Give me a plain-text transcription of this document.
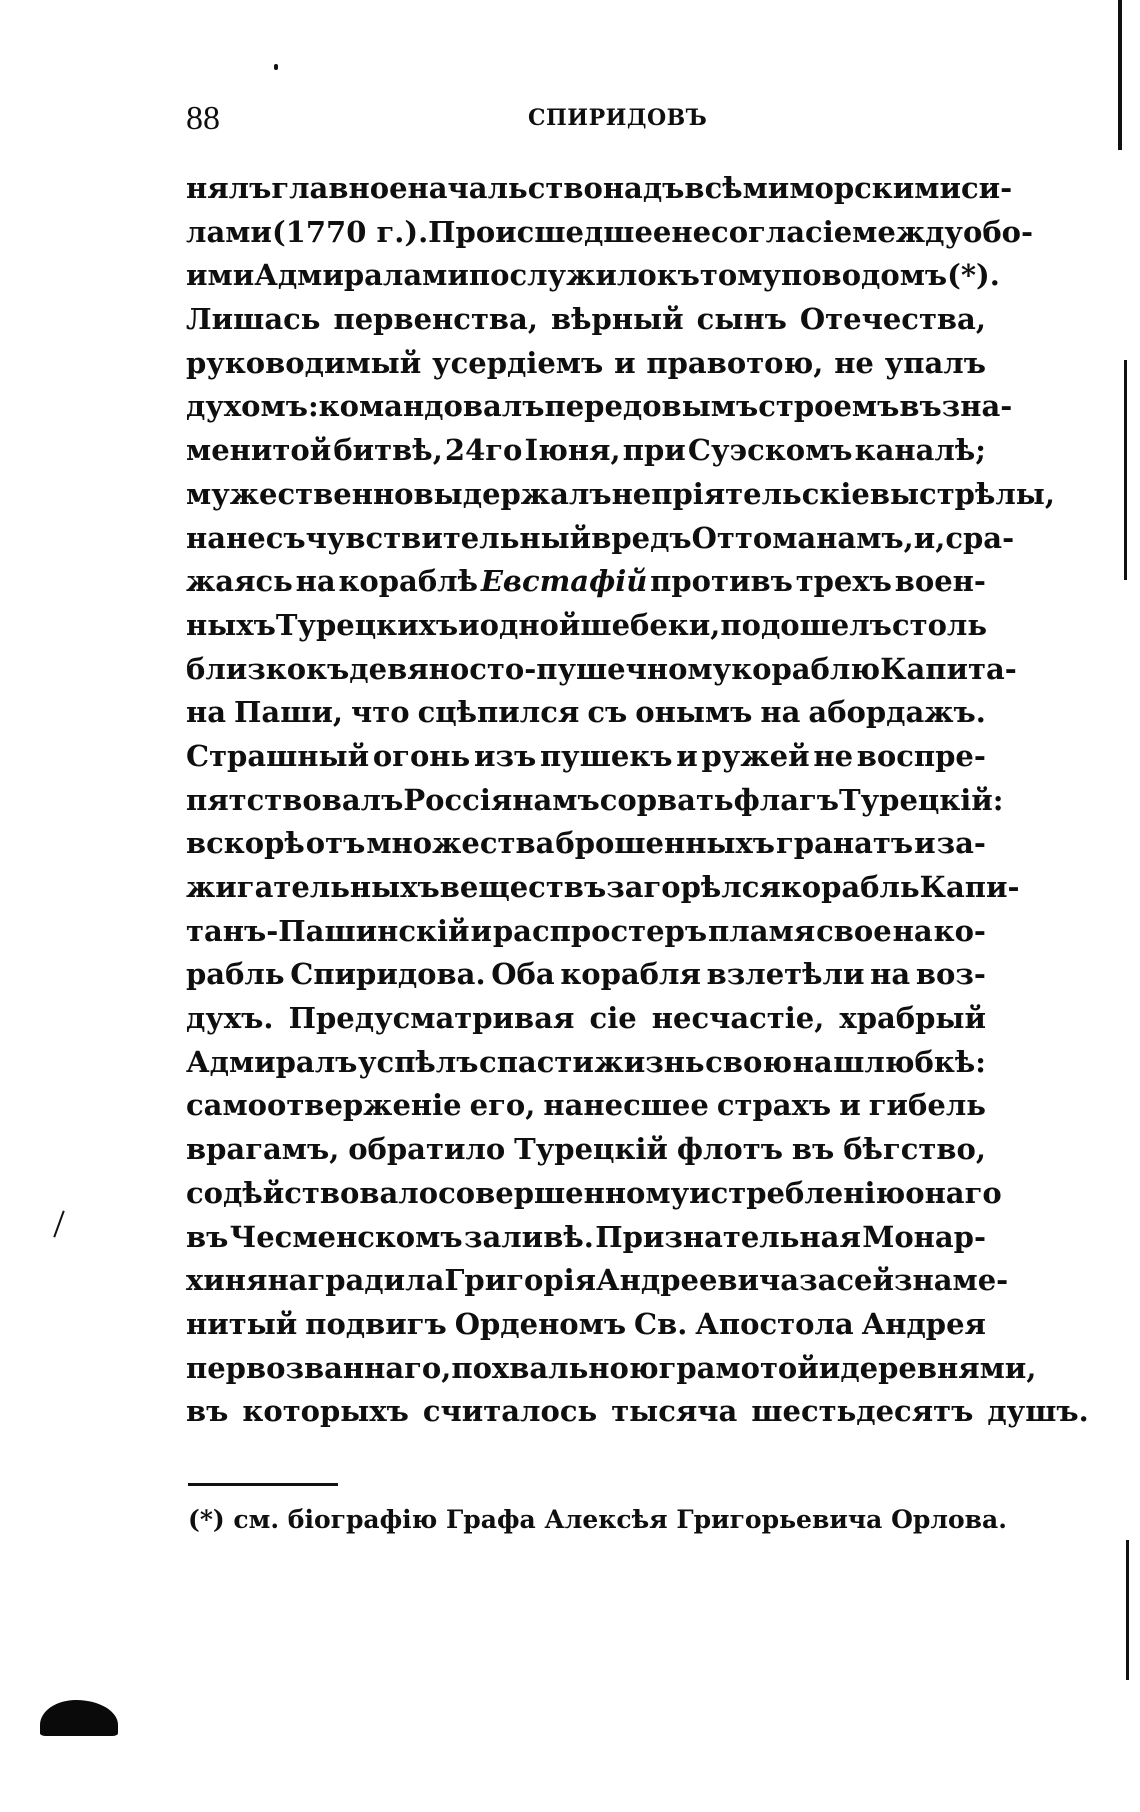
88	СПИРИДОВЪ
нялъ главное начальство надъ всѣми морскими си-
лами (1770 г.). Происшедшее несогласіе между обо-
ими Адмиралами послужило къ тому поводомъ (*).
Лишась первенства, вѣрный сынъ Отечества,
руководимый усердіемъ и правотою, не упалъ
духомъ: командовалъ передовымъ строемъ въ зна-
менитой битвѣ, 24го Іюня, при Суэскомъ каналѣ;
мужественно выдержалъ непріятельскіе выстрѣлы,
нанесъ чувствительный вредъ Оттоманамъ, и, сра-
жаясь на кораблѣ Евстафій противъ трехъ воен-
ныхъ Турецкихъ и одной шебеки, подошелъ столь
близко къ девяносто-пушечному кораблю Капита-
на Паши, что сцѣпился съ онымъ на абордажъ.
Страшный огонь изъ пушекъ и ружей не воспре-
пятствовалъ Россіянамъ сорвать флагъ Турецкій:
вскорѣ отъ множества брошенныхъ гранатъ и за-
жигательныхъ веществъ загорѣлся корабль Капи-
танъ-Пашинскій и распростеръ пламя свое на ко-
рабль Спиридова. Оба корабля взлетѣли на воз-
духъ. Предусматривая сіе несчастіе, храбрый
Адмиралъ успѣлъ спасти жизнь свою на шлюбкѣ:
самоотверженіе его, нанесшее страхъ и гибель
врагамъ, обратило Турецкій флотъ въ бѣгство,
содѣйствовало совершенному истребленію онаго
въ Чесменскомъ заливѣ. Признательная Монар-
хиня наградила Григорія Андреевича за сей знаме-
нитый подвигъ Орденомъ Св. Апостола Андрея
первозваннаго, похвальною грамотой и деревнями,
въ которыхъ считалось тысяча шестьдесятъ душъ.
(*) см. біографію Графа Алексѣя Григорьевича Орлова.
